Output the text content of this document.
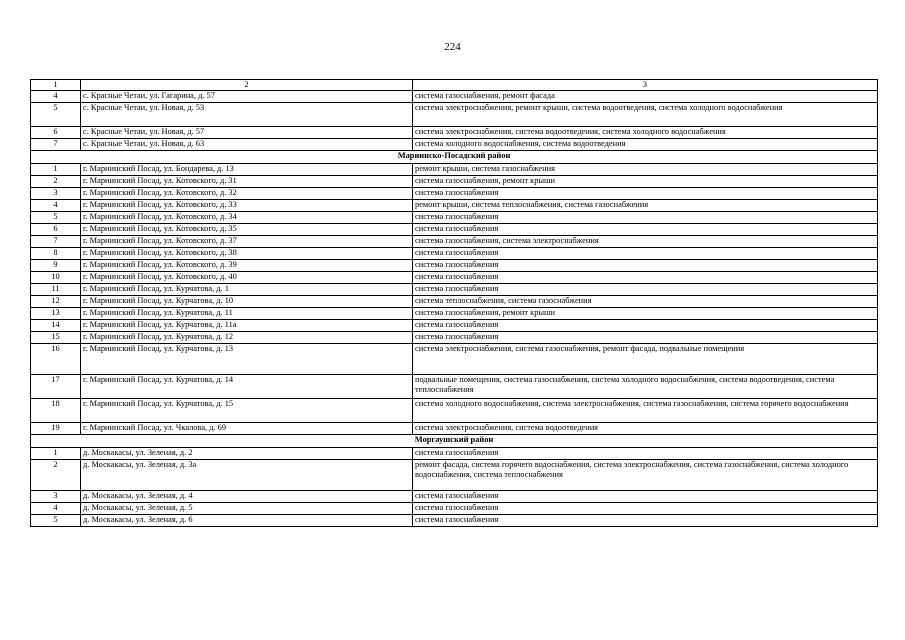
224
1	2	3
4	с. Красные Четаи, ул. Гагарина, д. 57	система газоснабжения, ремонт фасада
5	с. Красные Четаи, ул. Новая, д. 53	система электроснабжения, ремонт крыши, система водоотведения, система холодного водоснабжения
6	с. Красные Четаи, ул. Новая, д. 57	система электроснабжения, система водоотведения, система холодного водоснабжения
7	с. Красные Четаи, ул. Новая, д. 63	система холодного водоснабжения, система водоотведения
Мариинско-Посадский район		
1	г. Мариинский Посад, ул. Бондарева, д. 13	ремонт крыши, система газоснабжения
2	г. Мариинский Посад, ул. Котовского, д. 31	система газоснабжения, ремонт крыши
3	г. Мариинский Посад, ул. Котовского, д. 32	система газоснабжения
4	г. Мариинский Посад, ул. Котовского, д. 33	ремонт крыши, система теплоснабжения, система газоснабжения
5	г. Мариинский Посад, ул. Котовского, д. 34	система газоснабжения
6	г. Мариинский Посад, ул. Котовского, д. 35	система газоснабжения
7	г. Мариинский Посад, ул. Котовского, д. 37	система газоснабжения, система электроснабжения
8	г. Мариинский Посад, ул. Котовского, д. 38	система газоснабжения
9	г. Мариинский Посад, ул. Котовского, д. 39	система газоснабжения
10	г. Мариинский Посад, ул. Котовского, д. 40	система газоснабжения
11	г. Мариинский Посад, ул. Курчатова, д. 1	система газоснабжения
12	г. Мариинский Посад, ул. Курчатова, д. 10	система теплоснабжения, система газоснабжения
13	г. Мариинский Посад, ул. Курчатова, д. 11	система газоснабжения, ремонт крыши
14	г. Мариинский Посад, ул. Курчатова, д. 11а	система газоснабжения
15	г. Мариинский Посад, ул. Курчатова, д. 12	система газоснабжения
16	г. Мариинский Посад, ул. Курчатова, д. 13	система электроснабжения, система газоснабжения, ремонт фасада, подвальные помещения
17	г. Мариинский Посад, ул. Курчатова, д. 14	подвальные помещения, система газоснабжения, система холодного водоснабжения, система водоотведения, система теплоснабжения
18	г. Мариинский Посад, ул. Курчатова, д. 15	система холодного водоснабжения, система электроснабжения, система газоснабжения, система горячего водоснабжения
19	г. Мариинский Посад, ул. Чкалова, д. 69	система электроснабжения, система водоотведения
Моргаушский район		
1	д. Москакасы, ул. Зеленая, д. 2	система газоснабжения
2	д. Москакасы, ул. Зеленая, д. 3а	ремонт фасада, система горячего водоснабжения, система электроснабжения, система газоснабжения, система холодного водоснабжения, система теплоснабжения
3	д. Москакасы, ул. Зеленая, д. 4	система газоснабжения
4	д. Москакасы, ул. Зеленая, д. 5	система газоснабжения
5	д. Москакасы, ул. Зеленая, д. 6	система газоснабжения
